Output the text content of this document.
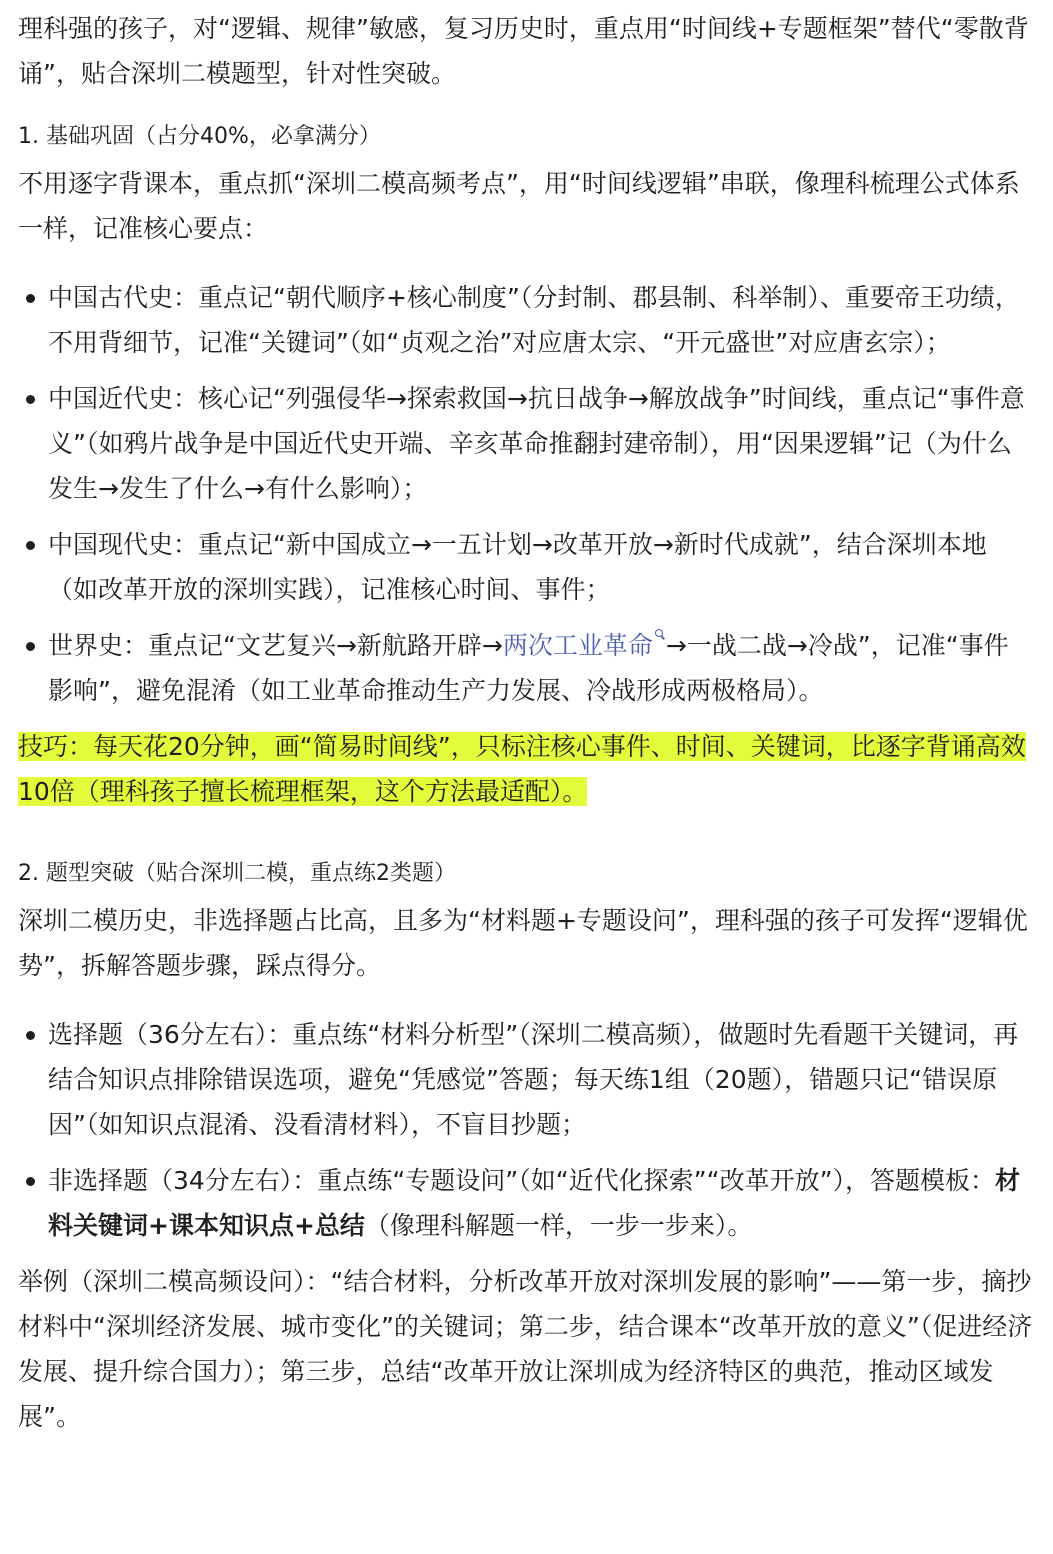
理科强的孩子，对“逻辑、规律”敏感，复习历史时，重点用“时间线+专题框架”替代“零散背诵”，贴合深圳二模题型，针对性突破。

1. 基础巩固（占分40%，必拿满分）

不用逐字背课本，重点抓“深圳二模高频考点”，用“时间线逻辑”串联，像理科梳理公式体系一样，记准核心要点：

中国古代史：重点记“朝代顺序+核心制度”（分封制、郡县制、科举制）、重要帝王功绩，不用背细节，记准“关键词”（如“贞观之治”对应唐太宗、“开元盛世”对应唐玄宗）；
中国近代史：核心记“列强侵华→探索救国→抗日战争→解放战争”时间线，重点记“事件意义”（如鸦片战争是中国近代史开端、辛亥革命推翻封建帝制），用“因果逻辑”记（为什么发生→发生了什么→有什么影响）；
中国现代史：重点记“新中国成立→一五计划→改革开放→新时代成就”，结合深圳本地（如改革开放的深圳实践），记准核心时间、事件；
世界史：重点记“文艺复兴→新航路开辟→两次工业革命 →一战二战→冷战”，记准“事件影响”，避免混淆（如工业革命推动生产力发展、冷战形成两极格局）。

技巧：每天花20分钟，画“简易时间线”，只标注核心事件、时间、关键词，比逐字背诵高效10倍（理科孩子擅长梳理框架，这个方法最适配）。

2. 题型突破（贴合深圳二模，重点练2类题）

深圳二模历史，非选择题占比高，且多为“材料题+专题设问”，理科强的孩子可发挥“逻辑优势”，拆解答题步骤，踩点得分。

选择题（36分左右）：重点练“材料分析型”（深圳二模高频），做题时先看题干关键词，再结合知识点排除错误选项，避免“凭感觉”答题；每天练1组（20题），错题只记“错误原因”（如知识点混淆、没看清材料），不盲目抄题；
非选择题（34分左右）：重点练“专题设问”（如“近代化探索”“改革开放”），答题模板：材料关键词+课本知识点+总结（像理科解题一样，一步一步来）。

举例（深圳二模高频设问）：“结合材料，分析改革开放对深圳发展的影响”——第一步，摘抄材料中“深圳经济发展、城市变化”的关键词；第二步，结合课本“改革开放的意义”（促进经济发展、提升综合国力）；第三步，总结“改革开放让深圳成为经济特区的典范，推动区域发展”。
